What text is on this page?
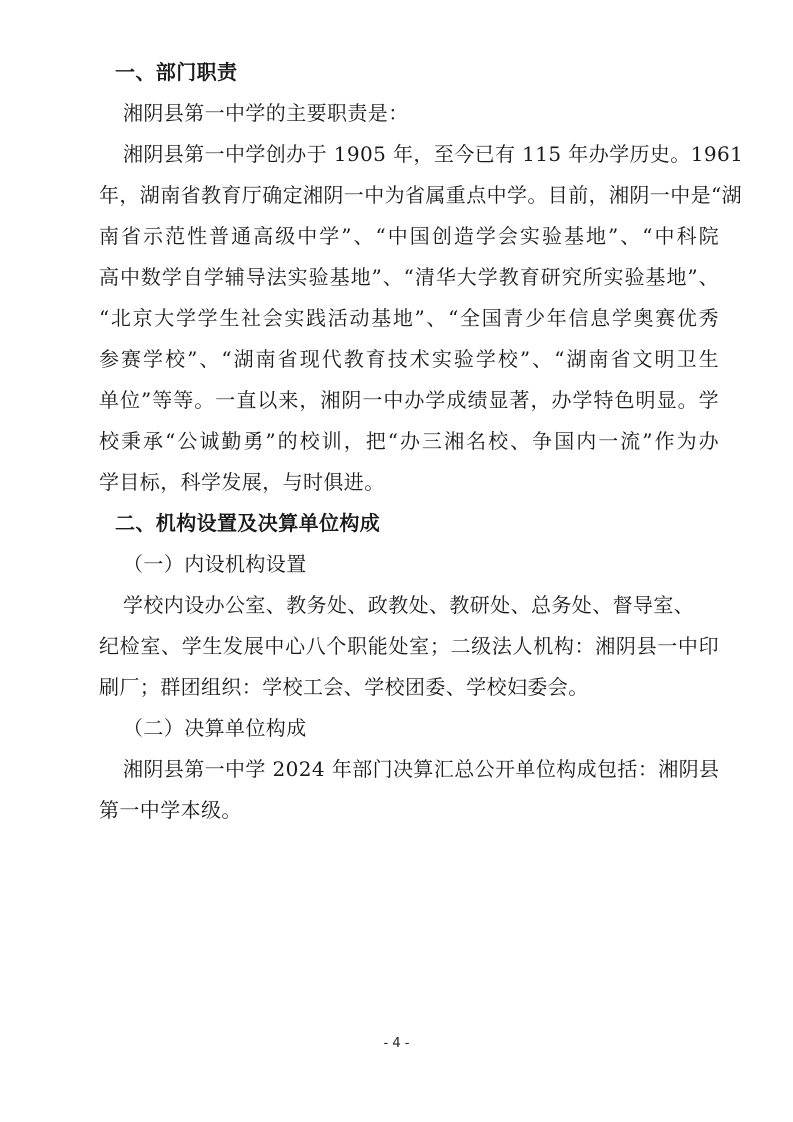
一、部门职责
湘阴县第一中学的主要职责是：
湘阴县第一中学创办于 1905 年，至今已有 115 年办学历史。1961
年，湖南省教育厅确定湘阴一中为省属重点中学。目前，湘阴一中是“湖
南省示范性普通高级中学”、“中国创造学会实验基地”、“中科院
高中数学自学辅导法实验基地”、“清华大学教育研究所实验基地”、
“北京大学学生社会实践活动基地”、“全国青少年信息学奥赛优秀
参赛学校”、“湖南省现代教育技术实验学校”、“湖南省文明卫生
单位”等等。一直以来，湘阴一中办学成绩显著，办学特色明显。学
校秉承“公诚勤勇”的校训，把“办三湘名校、争国内一流”作为办
学目标，科学发展，与时俱进。
二、机构设置及决算单位构成
（一）内设机构设置
学校内设办公室、教务处、政教处、教研处、总务处、督导室、
纪检室、学生发展中心八个职能处室；二级法人机构：湘阴县一中印
刷厂；群团组织：学校工会、学校团委、学校妇委会。
（二）决算单位构成
湘阴县第一中学 2024 年部门决算汇总公开单位构成包括：湘阴县
第一中学本级。
- 4 -
